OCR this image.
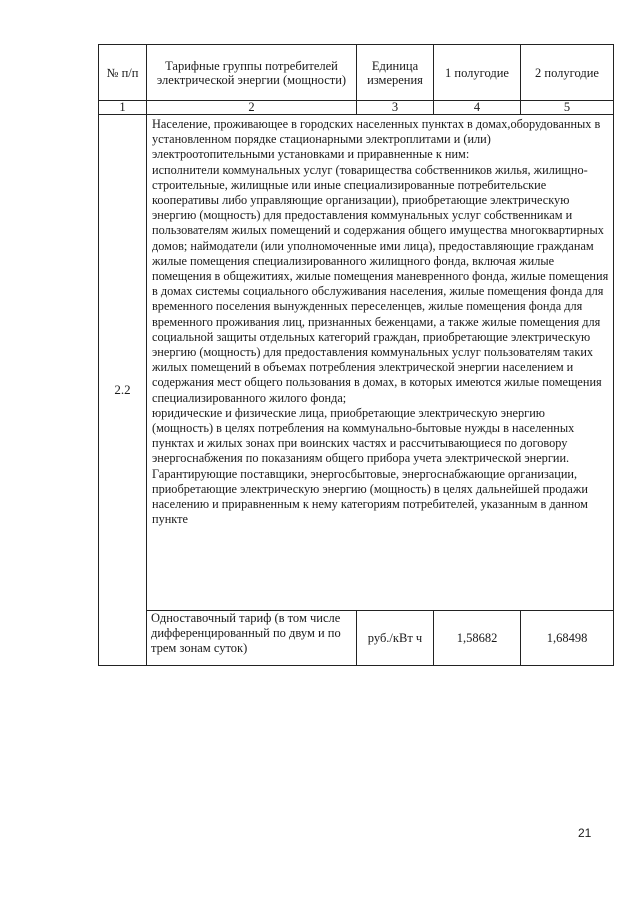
№ п/п	Тарифные группы потребителей электрической энергии (мощности)	Единица измерения	1 полугодие	2 полугодие
1	2	3	4	5
2.2	Население, проживающее в городских населенных пунктах в домах,оборудованных в установленном порядке стационарными электроплитами и (или) электроотопительными установками и приравненные к ним:

исполнители коммунальных услуг (товарищества собственников жилья, жилищно-строительные, жилищные или иные специализированные потребительские кооперативы либо управляющие организации), приобретающие электрическую энергию (мощность) для предоставления коммунальных услуг собственникам и пользователям жилых помещений и содержания общего имущества многоквартирных домов; наймодатели (или уполномоченные ими лица), предоставляющие гражданам жилые помещения специализированного жилищного фонда, включая жилые помещения в общежитиях, жилые помещения маневренного фонда, жилые помещения в домах системы социального обслуживания населения, жилые помещения фонда для временного поселения вынужденных переселенцев, жилые помещения фонда для временного проживания лиц, признанных беженцами, а также жилые помещения для социальной защиты отдельных категорий граждан, приобретающие электрическую энергию (мощность) для предоставления коммунальных услуг пользователям таких жилых помещений в объемах потребления электрической энергии населением и содержания мест общего пользования в домах, в которых имеются жилые помещения специализированного жилого фонда;

юридические и физические лица, приобретающие электрическую энергию (мощность) в целях потребления на коммунально-бытовые нужды в населенных пунктах и жилых зонах при воинских частях и рассчитывающиеся по договору энергоснабжения по показаниям общего прибора учета электрической энергии.

Гарантирующие поставщики, энергосбытовые, энергоснабжающие организации, приобретающие электрическую энергию (мощность) в целях дальнейшей продажи населению и приравненным к нему категориям потребителей, указанным в данном пункте			

	Одноставочный тариф (в том числе дифференцированный по двум и по трем зонам суток)	руб./кВт ч	1,58682	1,68498
21
